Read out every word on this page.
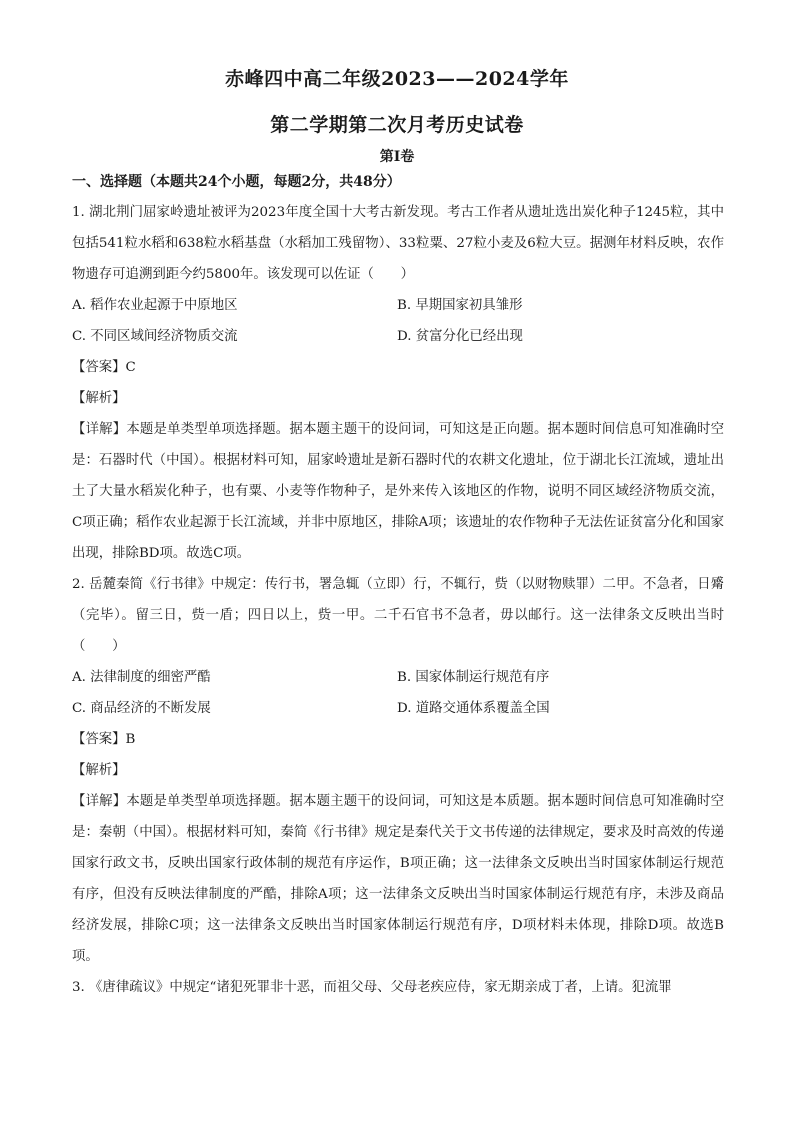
赤峰四中高二年级2023——2024学年
第二学期第二次月考历史试卷
第Ⅰ卷
一、选择题（本题共24个小题，每题2分，共48分）

1. 湖北荆门屈家岭遗址被评为2023年度全国十大考古新发现。考古工作者从遗址选出炭化种子1245粒，其中包括541粒水稻和638粒水稻基盘（水稻加工残留物）、33粒粟、27粒小麦及6粒大豆。据测年材料反映，农作物遗存可追溯到距今约5800年。该发现可以佐证（　　）

A. 稻作农业起源于中原地区	B. 早期国家初具雏形
C. 不同区域间经济物质交流	D. 贫富分化已经出现

【答案】C

【解析】

【详解】本题是单类型单项选择题。据本题主题干的设问词，可知这是正向题。据本题时间信息可知准确时空是：石器时代（中国）。根据材料可知，屈家岭遗址是新石器时代的农耕文化遗址，位于湖北长江流域，遗址出土了大量水稻炭化种子，也有粟、小麦等作物种子，是外来传入该地区的作物，说明不同区域经济物质交流，C项正确；稻作农业起源于长江流域，并非中原地区，排除A项；该遗址的农作物种子无法佐证贫富分化和国家出现，排除BD项。故选C项。

2. 岳麓秦简《行书律》中规定：传行书，署急辄（立即）行，不辄行，赀（以财物赎罪）二甲。不急者，日觱（完毕）。留三日，赀一盾；四日以上，赀一甲。二千石官书不急者，毋以邮行。这一法律条文反映出当时（　　）

A. 法律制度的细密严酷	B. 国家体制运行规范有序
C. 商品经济的不断发展	D. 道路交通体系覆盖全国

【答案】B

【解析】

【详解】本题是单类型单项选择题。据本题主题干的设问词，可知这是本质题。据本题时间信息可知准确时空是：秦朝（中国）。根据材料可知，秦简《行书律》规定是秦代关于文书传递的法律规定，要求及时高效的传递国家行政文书，反映出国家行政体制的规范有序运作，B项正确；这一法律条文反映出当时国家体制运行规范有序，但没有反映法律制度的严酷，排除A项；这一法律条文反映出当时国家体制运行规范有序，未涉及商品经济发展，排除C项；这一法律条文反映出当时国家体制运行规范有序，D项材料未体现，排除D项。故选B项。

3. 《唐律疏议》中规定“诸犯死罪非十恶，而祖父母、父母老疾应侍，家无期亲成丁者，上请。犯流罪
